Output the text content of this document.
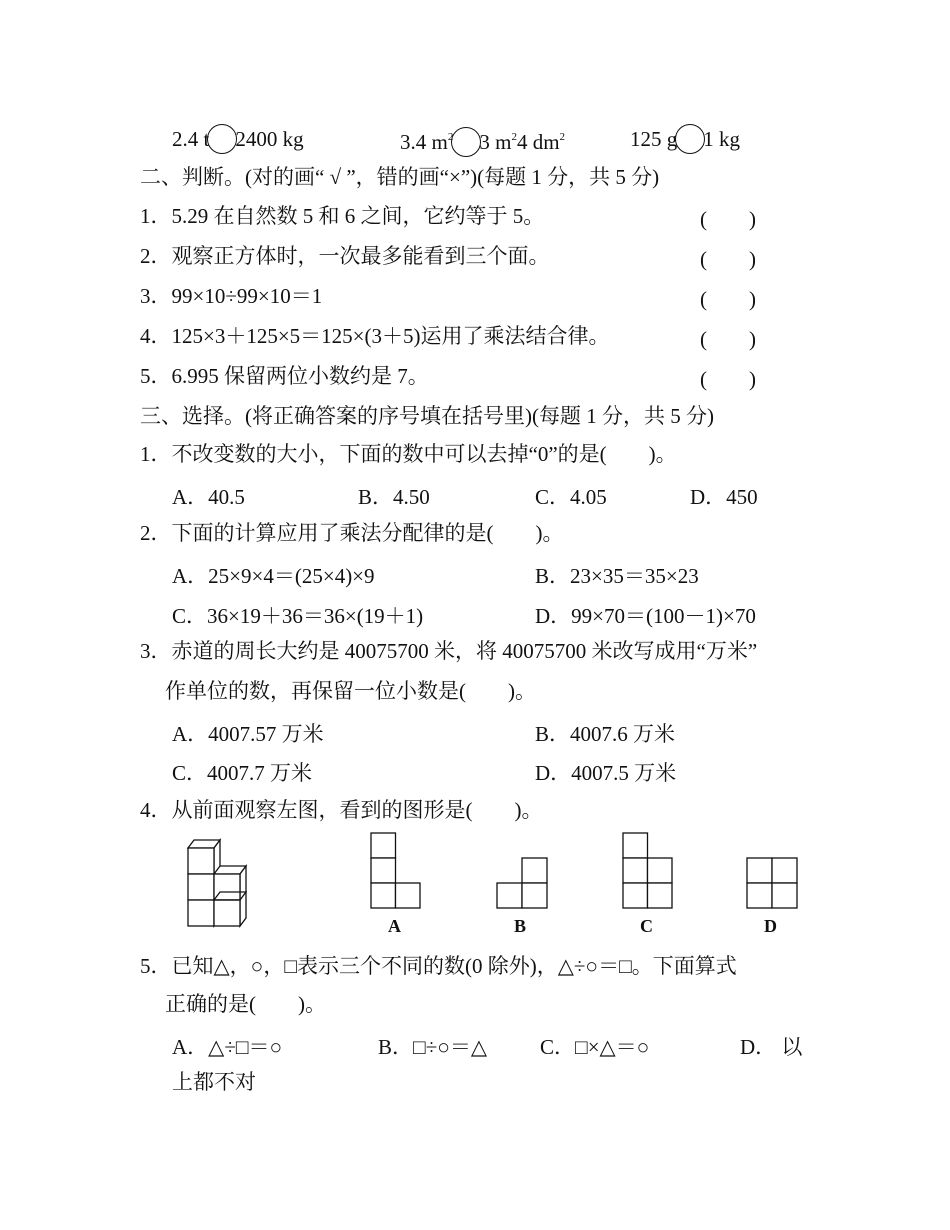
2.4 t 2400 kg	3.4 $m^2$ 3 $m^24$ $dm^2$	125 g 1 kg
二、判断。(对的画“ √ ”，错的画“×”)(每题 1 分，共 5 分)
1．5.29 在自然数 5 和 6 之间，它约等于 5。	(　　)
2．观察正方体时，一次最多能看到三个面。	(　　)
3．99×10÷99×10＝1	(　　)
4．125×3＋125×5＝125×(3＋5)运用了乘法结合律。	(　　)
5．6.995 保留两位小数约是 7。	(　　)
三、选择。(将正确答案的序号填在括号里)(每题 1 分，共 5 分)
1．不改变数的大小，下面的数中可以去掉“0”的是(　　)。
A．40.5	B．4.50	C．4.05	D．450
2．下面的计算应用了乘法分配律的是(　　)。
A．25×9×4＝(25×4)×9	B．23×35＝35×23
C．36×19＋36＝36×(19＋1)	D．99×70＝(100－1)×70
3．赤道的周长大约是 40075700 米，将 40075700 米改写成用“万米”
作单位的数，再保留一位小数是(　　)。
A．4007.57 万米	B．4007.6 万米
C．4007.7 万米	D．4007.5 万米
4．从前面观察左图，看到的图形是(　　)。
A	B	C	D
5．已知△，○，□表示三个不同的数(0 除外)，△÷○＝□。下面算式
正确的是(　　)。
A．△÷□＝○	B．□÷○＝△	C．□×△＝○	D． 以
上都不对
